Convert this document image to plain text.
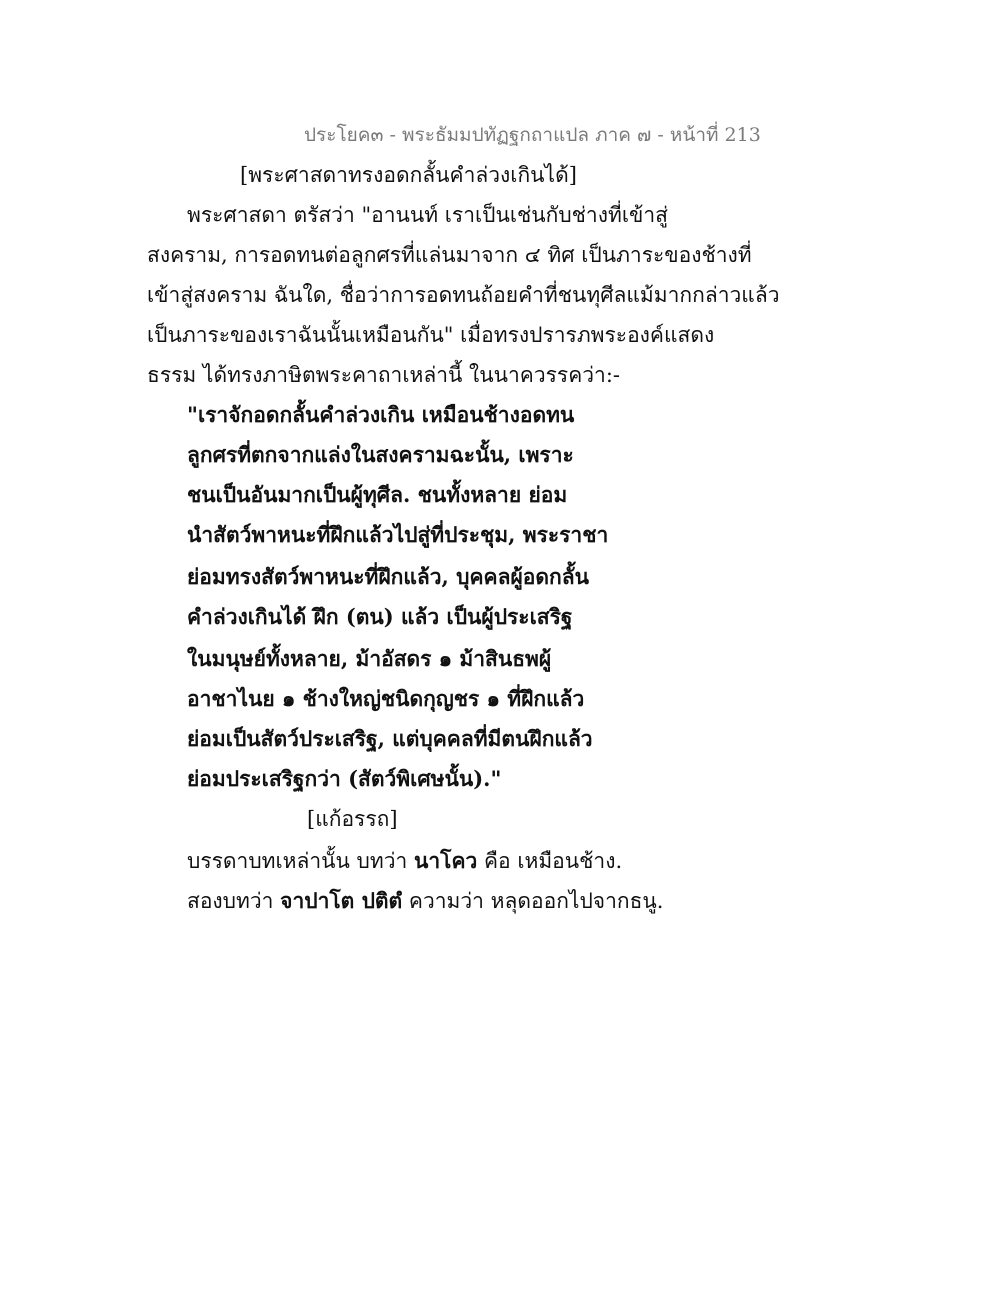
ประโยค๓ - พระธัมมปทัฏฐกถาแปล ภาค ๗ - หน้าที่ 213
[พระศาสดาทรงอดกลั้นคำล่วงเกินได้]
พระศาสดา ตรัสว่า "อานนท์ เราเป็นเช่นกับช่างที่เข้าสู่
สงคราม, การอดทนต่อลูกศรที่แล่นมาจาก ๔ ทิศ เป็นภาระของช้างที่
เข้าสู่สงคราม ฉันใด, ชื่อว่าการอดทนถ้อยคำที่ชนทุศีลแม้มากกล่าวแล้ว
เป็นภาระของเราฉันนั้นเหมือนกัน" เมื่อทรงปรารภพระองค์แสดง
ธรรม ได้ทรงภาษิตพระคาถาเหล่านี้ ในนาควรรคว่า:-
"เราจักอดกลั้นคำล่วงเกิน เหมือนช้างอดทน
ลูกศรที่ตกจากแล่งในสงครามฉะนั้น, เพราะ
ชนเป็นอันมากเป็นผู้ทุศีล. ชนทั้งหลาย ย่อม
นำสัตว์พาหนะที่ฝึกแล้วไปสู่ที่ประชุม, พระราชา
ย่อมทรงสัตว์พาหนะที่ฝึกแล้ว, บุคคลผู้อดกลั้น
คำล่วงเกินได้ ฝึก (ตน) แล้ว เป็นผู้ประเสริฐ
ในมนุษย์ทั้งหลาย, ม้าอัสดร ๑ ม้าสินธพผู้
อาชาไนย ๑ ช้างใหญ่ชนิดกุญชร ๑ ที่ฝึกแล้ว
ย่อมเป็นสัตว์ประเสริฐ, แต่บุคคลที่มีตนฝึกแล้ว
ย่อมประเสริฐกว่า (สัตว์พิเศษนั้น)."
[แก้อรรถ]
บรรดาบทเหล่านั้น บทว่า นาโคว คือ เหมือนช้าง.
สองบทว่า จาปาโต ปติตํ ความว่า หลุดออกไปจากธนู.
